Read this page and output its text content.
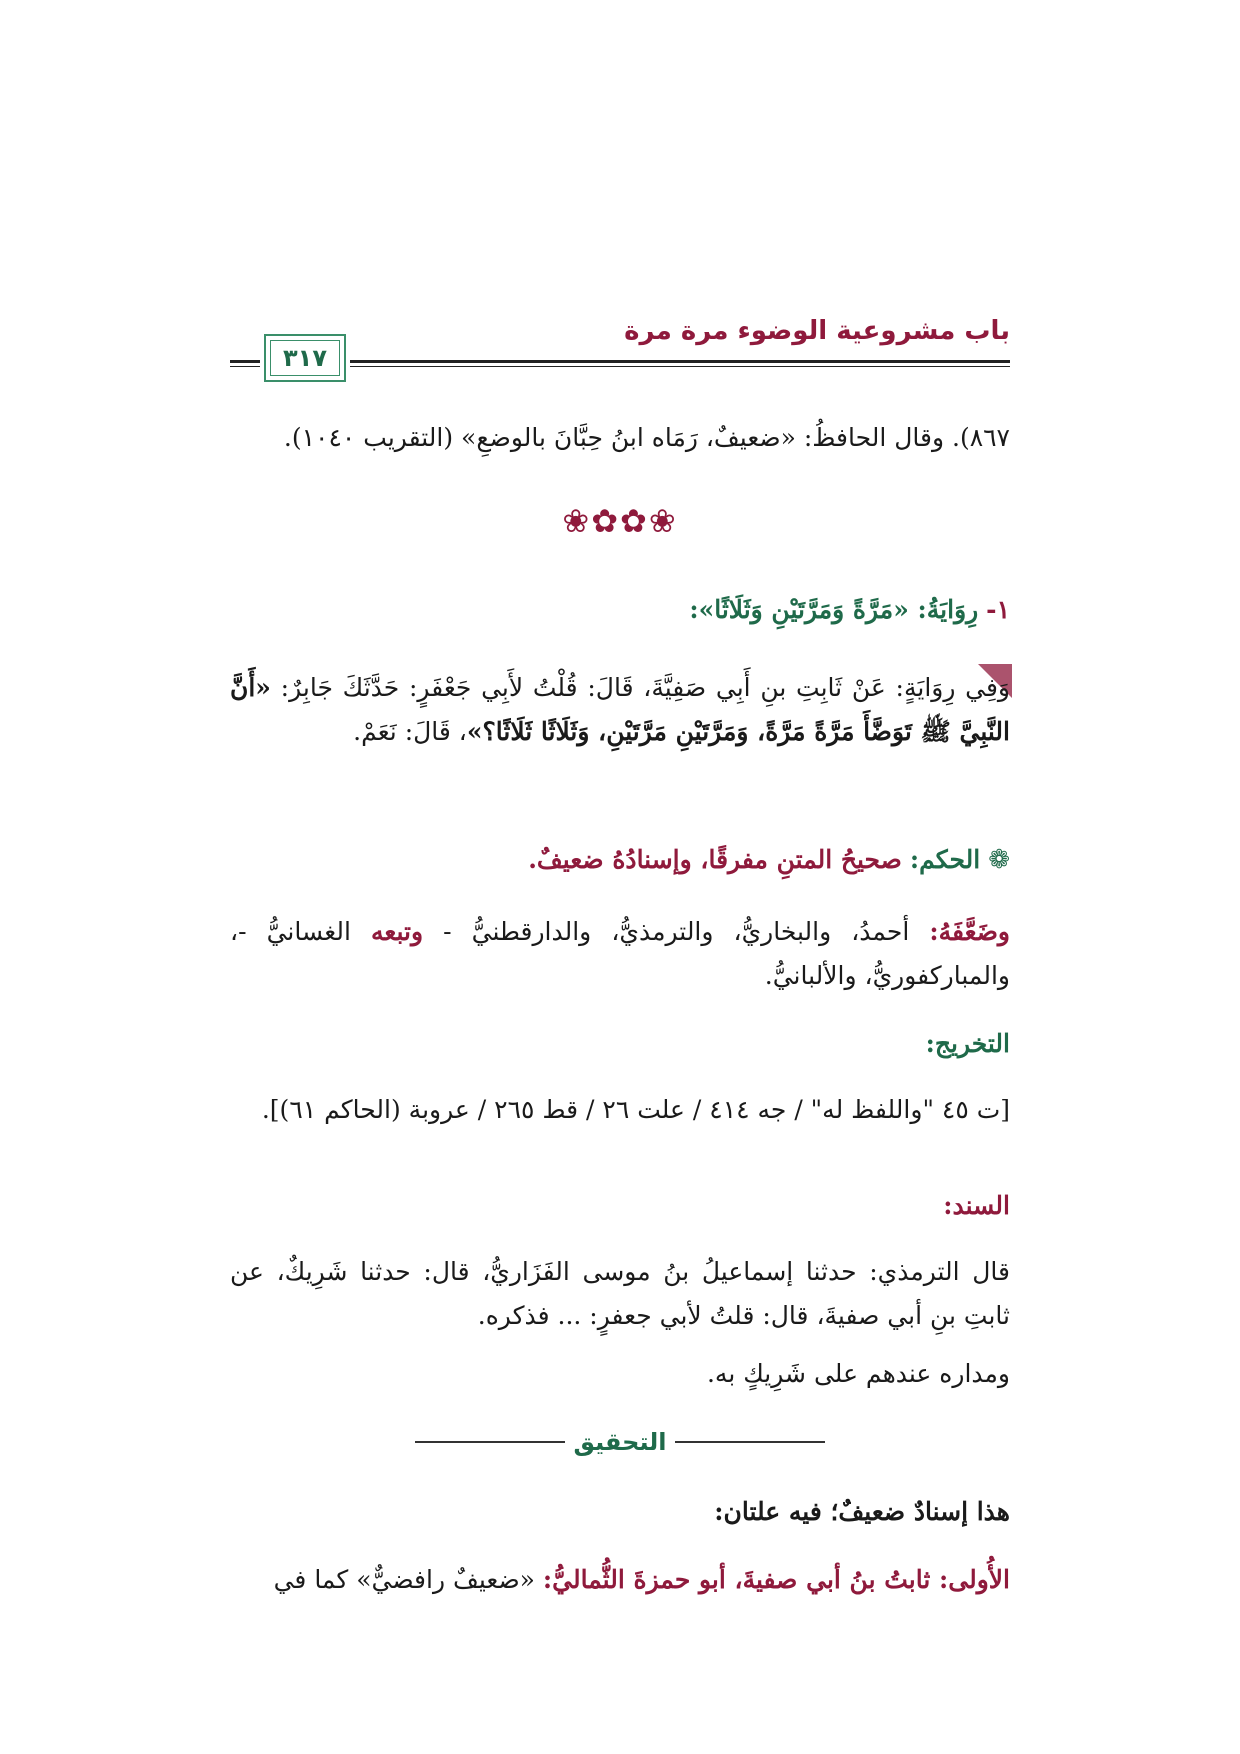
باب مشروعية الوضوء مرة مرة
٣١٧
٨٦٧). وقال الحافظُ: «ضعيفٌ، رَمَاه ابنُ حِبَّانَ بالوضعِ» (التقريب ١٠٤٠).
❀✿✿❀
١- رِوَايَةُ: «مَرَّةً وَمَرَّتَيْنِ وَثَلَاثًا»:
وَفِي رِوَايَةٍ: عَنْ ثَابِتِ بنِ أَبِي صَفِيَّةَ، قَالَ: قُلْتُ لأَبِي جَعْفَرٍ: حَدَّثَكَ جَابِرٌ: «أَنَّ النَّبِيَّ ﷺ تَوَضَّأَ مَرَّةً مَرَّةً، وَمَرَّتَيْنِ مَرَّتَيْنِ، وَثَلَاثًا ثَلَاثًا؟»، قَالَ: نَعَمْ.
❁ الحكم: صحيحُ المتنِ مفرقًا، وإسنادُهُ ضعيفٌ.
وضَعَّفَهُ: أحمدُ، والبخاريُّ، والترمذيُّ، والدارقطنيُّ - وتبعه الغسانيُّ -، والمباركفوريُّ، والألبانيُّ.
التخريج:
[ت ٤٥ "واللفظ له" / جه ٤١٤ / علت ٢٦ / قط ٢٦٥ / عروبة (الحاكم ٦١)].
السند:
قال الترمذي: حدثنا إسماعيلُ بنُ موسى الفَزَاريُّ، قال: حدثنا شَرِيكٌ، عن ثابتِ بنِ أبي صفيةَ، قال: قلتُ لأبي جعفرٍ: ... فذكره.
ومداره عندهم على شَرِيكٍ به.
التحقيق
هذا إسنادٌ ضعيفٌ؛ فيه علتان:
الأُولى: ثابتُ بنُ أبي صفيةَ، أبو حمزةَ الثُّماليُّ: «ضعيفٌ رافضيٌّ» كما في
